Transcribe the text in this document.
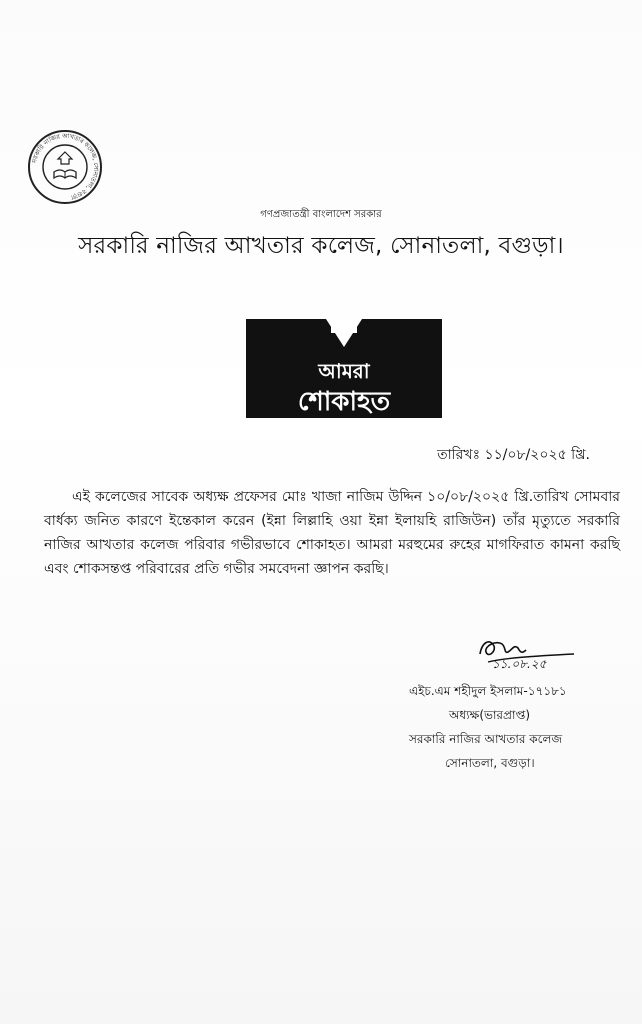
সরকারি নাজির আখতার কলেজ, সোনাতলা, বগুড়া
গণপ্রজাতন্ত্রী বাংলাদেশ সরকার
সরকারি নাজির আখতার কলেজ, সোনাতলা, বগুড়া।
আমরা
শোকাহত
তারিখঃ ১১/০৮/২০২৫ খ্রি.
এই কলেজের সাবেক অধ্যক্ষ প্রফেসর মোঃ খাজা নাজিম উদ্দিন ১০/০৮/২০২৫ খ্রি.তারিখ সোমবার বার্ধক্য জনিত কারণে ইন্তেকাল করেন (ইন্না লিল্লাহি ওয়া ইন্না ইলায়হি রাজিউন) তাঁর মৃত্যুতে সরকারি নাজির আখতার কলেজ পরিবার গভীরভাবে শোকাহত। আমরা মরহুমের রুহের মাগফিরাত কামনা করছি এবং শোকসন্তপ্ত পরিবারের প্রতি গভীর সমবেদনা জ্ঞাপন করছি।
১১.০৮.২৫
এইচ.এম শহীদুল ইসলাম-১৭১৮১
অধ্যক্ষ(ভারপ্রাপ্ত)
সরকারি নাজির আখতার কলেজ
সোনাতলা, বগুড়া।
